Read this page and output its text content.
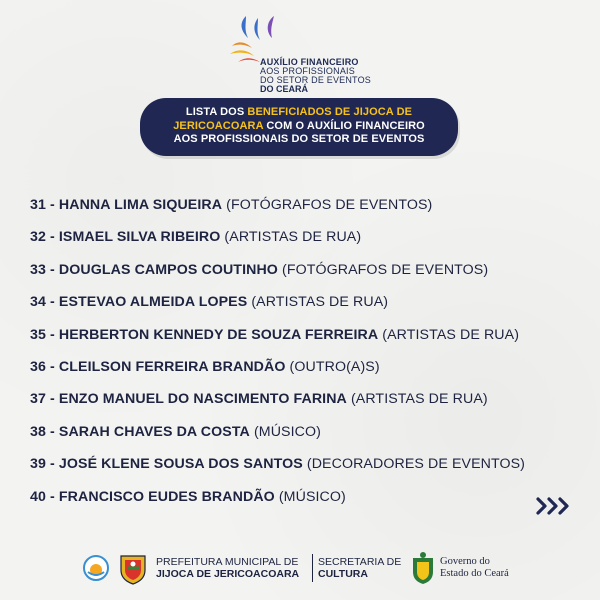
AUXÍLIO FINANCEIRO
AOS PROFISSIONAIS
DO SETOR DE EVENTOS
DO CEARÁ
LISTA DOS BENEFICIADOS DE JIJOCA DE
JERICOACOARA COM O AUXÍLIO FINANCEIRO
AOS PROFISSIONAIS DO SETOR DE EVENTOS
31 - HANNA LIMA SIQUEIRA (FOTÓGRAFOS DE EVENTOS)
32 - ISMAEL SILVA RIBEIRO (ARTISTAS DE RUA)
33 - DOUGLAS CAMPOS COUTINHO (FOTÓGRAFOS DE EVENTOS)
34 - ESTEVAO ALMEIDA LOPES (ARTISTAS DE RUA)
35 - HERBERTON KENNEDY DE SOUZA FERREIRA (ARTISTAS DE RUA)
36 - CLEILSON FERREIRA BRANDÃO (OUTRO(A)S)
37 - ENZO MANUEL DO NASCIMENTO FARINA (ARTISTAS DE RUA)
38 - SARAH CHAVES DA COSTA (MÚSICO)
39 - JOSÉ KLENE SOUSA DOS SANTOS (DECORADORES DE EVENTOS)
40 - FRANCISCO EUDES BRANDÃO (MÚSICO)
PREFEITURA MUNICIPAL DE
JIJOCA DE JERICOACOARA
SECRETARIA DE
CULTURA
Governo do
Estado do Ceará
